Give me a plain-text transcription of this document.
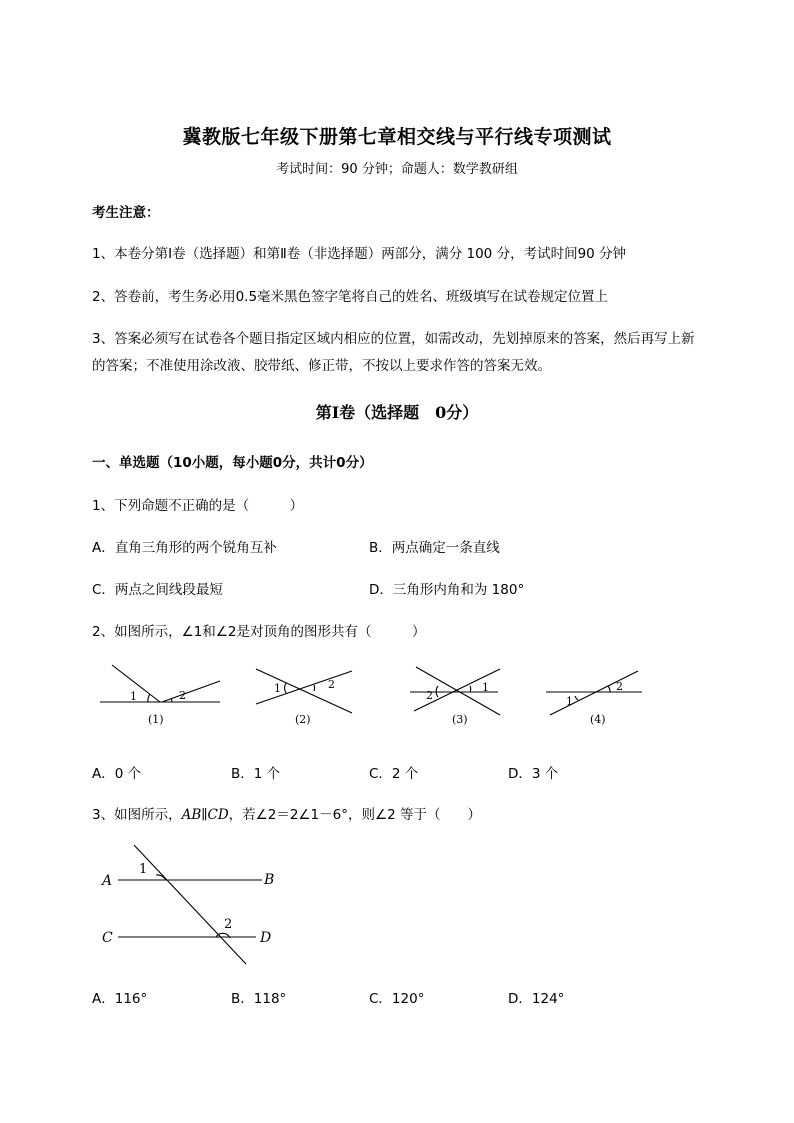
冀教版七年级下册第七章相交线与平行线专项测试
考试时间：90 分钟；命题人：数学教研组
考生注意：
1、本卷分第Ⅰ卷（选择题）和第Ⅱ卷（非选择题）两部分，满分 100 分，考试时间90 分钟
2、答卷前，考生务必用0.5毫米黑色签字笔将自己的姓名、班级填写在试卷规定位置上
3、答案必须写在试卷各个题目指定区域内相应的位置，如需改动，先划掉原来的答案，然后再写上新的答案；不准使用涂改液、胶带纸、修正带，不按以上要求作答的答案无效。
第Ⅰ卷（选择题　0分）
一、单选题（10小题，每小题0分，共计0分）
1、下列命题不正确的是（　　　）
A．直角三角形的两个锐角互补	B．两点确定一条直线
C．两点之间线段最短	D．三角形内角和为 180°
2、如图所示，∠1和∠2是对顶角的图形共有（　　　）
1	2
1	2
2
1
1
2
(1)	(2)	(3)	(4)
A．0 个	B．1 个	C．2 个	D．3 个
3、如图所示，AB∥CD，若∠2＝2∠1－6°，则∠2 等于（　　）
A	B
C	D
1
2
A．116°	B．118°	C．120°	D．124°
